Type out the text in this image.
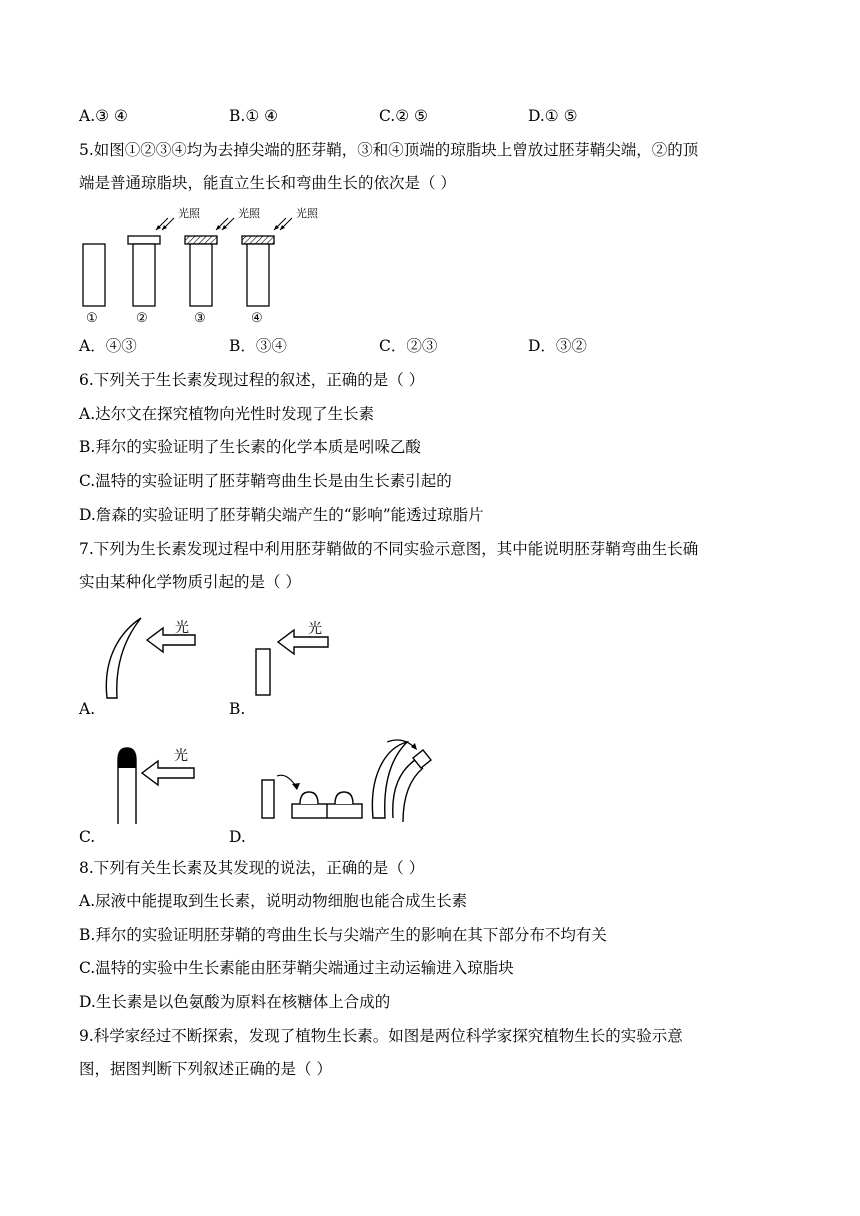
A.③ ④	B.① ④	C.② ⑤	D.① ⑤
5.如图①②③④均为去掉尖端的胚芽鞘，③和④顶端的琼脂块上曾放过胚芽鞘尖端，②的顶
端是普通琼脂块，能直立生长和弯曲生长的依次是（ ）
光照	光照	光照
①	②	③	④
A．④③	B．③④	C．②③	D．③②
6.下列关于生长素发现过程的叙述，正确的是（ ）
A.达尔文在探究植物向光性时发现了生长素
B.拜尔的实验证明了生长素的化学本质是吲哚乙酸
C.温特的实验证明了胚芽鞘弯曲生长是由生长素引起的
D.詹森的实验证明了胚芽鞘尖端产生的“影响”能透过琼脂片
7.下列为生长素发现过程中利用胚芽鞘做的不同实验示意图，其中能说明胚芽鞘弯曲生长确
实由某种化学物质引起的是（ ）
光
A.
光
B.
光
C.	D.
8.下列有关生长素及其发现的说法，正确的是（ ）
A.尿液中能提取到生长素，说明动物细胞也能合成生长素
B.拜尔的实验证明胚芽鞘的弯曲生长与尖端产生的影响在其下部分布不均有关
C.温特的实验中生长素能由胚芽鞘尖端通过主动运输进入琼脂块
D.生长素是以色氨酸为原料在核糖体上合成的
9.科学家经过不断探索，发现了植物生长素。如图是两位科学家探究植物生长的实验示意
图，据图判断下列叙述正确的是（ ）
